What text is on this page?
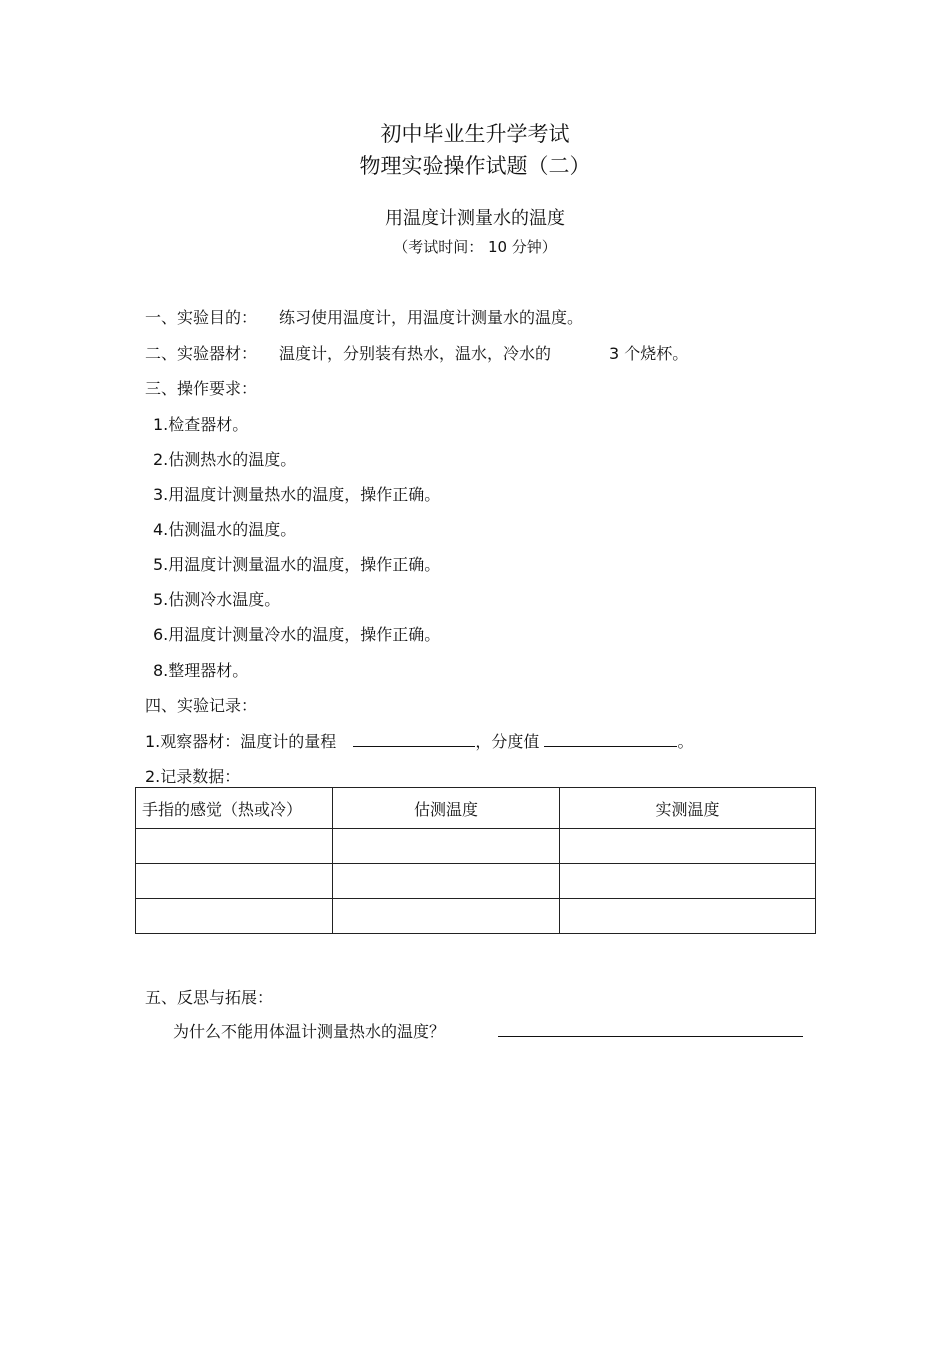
初中毕业生升学考试
物理实验操作试题（二）
用温度计测量水的温度
（考试时间： 10 分钟）
一、实验目的： 练习使用温度计，用温度计测量水的温度。
二、实验器材： 温度计，分别装有热水，温水，冷水的	3 个烧杯。
三、操作要求：
1.检查器材。
2.估测热水的温度。
3.用温度计测量热水的温度，操作正确。
4.估测温水的温度。
5.用温度计测量温水的温度，操作正确。
5.估测冷水温度。
6.用温度计测量冷水的温度，操作正确。
8.整理器材。
四、实验记录：
1.观察器材：温度计的量程	，分度值	。
2.记录数据：
手指的感觉（热或冷）	估测温度	实测温度

五、反思与拓展：
为什么不能用体温计测量热水的温度？
